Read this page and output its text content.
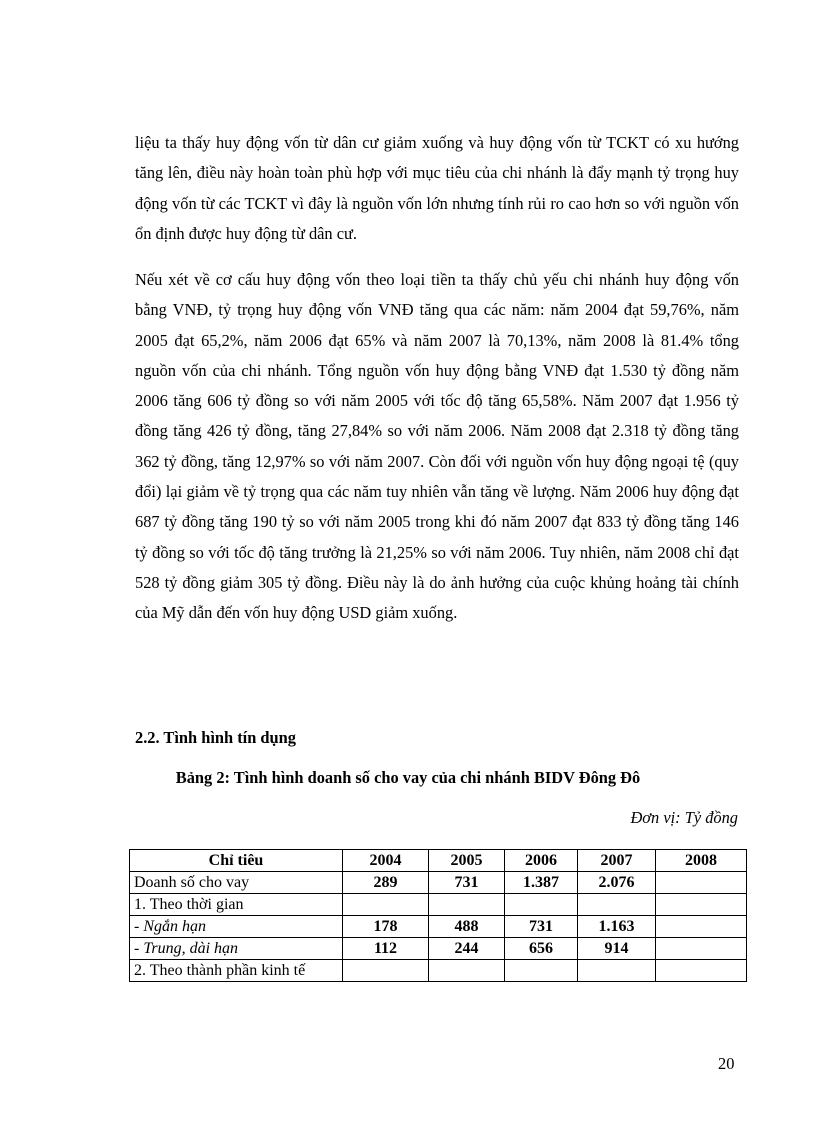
liệu ta thấy huy động vốn từ dân cư giảm xuống và huy động vốn từ TCKT có xu hướng tăng lên, điều này hoàn toàn phù hợp với mục tiêu của chi nhánh là đẩy mạnh tỷ trọng huy động vốn từ các TCKT vì đây là nguồn vốn lớn nhưng tính rủi ro cao hơn so với nguồn vốn ổn định được huy động từ dân cư.

Nếu xét về cơ cấu huy động vốn theo loại tiền ta thấy chủ yếu chi nhánh huy động vốn bằng VNĐ, tỷ trọng huy động vốn VNĐ tăng qua các năm: năm 2004 đạt 59,76%, năm 2005 đạt 65,2%, năm 2006 đạt 65% và năm 2007 là 70,13%, năm 2008 là 81.4% tổng nguồn vốn của chi nhánh. Tổng nguồn vốn huy động bằng VNĐ đạt 1.530 tỷ đồng năm 2006 tăng 606 tỷ đồng so với năm 2005 với tốc độ tăng 65,58%. Năm 2007 đạt 1.956 tỷ đồng tăng 426 tỷ đồng, tăng 27,84% so với năm 2006. Năm 2008 đạt 2.318 tỷ đồng tăng 362 tỷ đồng, tăng 12,97% so với năm 2007. Còn đối với nguồn vốn huy động ngoại tệ (quy đổi) lại giảm về tỷ trọng qua các năm tuy nhiên vẫn tăng về lượng. Năm 2006 huy động đạt 687 tỷ đồng tăng 190 tỷ so với năm 2005 trong khi đó năm 2007 đạt 833 tỷ đồng tăng 146 tỷ đồng so với tốc độ tăng trưởng là 21,25% so với năm 2006. Tuy nhiên, năm 2008 chỉ đạt 528 tỷ đồng giảm 305 tỷ đồng. Điều này là do ảnh hưởng của cuộc khủng hoảng tài chính của Mỹ dẫn đến vốn huy động USD giảm xuống.

2.2. Tình hình tín dụng

Bảng 2: Tình hình doanh số cho vay của chi nhánh BIDV Đông Đô

Đơn vị: Tỷ đồng

Chỉ tiêu	2004	2005	2006	2007	2008
Doanh số cho vay	289	731	1.387	2.076	
1. Theo thời gian					
- Ngắn hạn	178	488	731	1.163	
- Trung, dài hạn	112	244	656	914	
2. Theo thành phần kinh tế					

20
